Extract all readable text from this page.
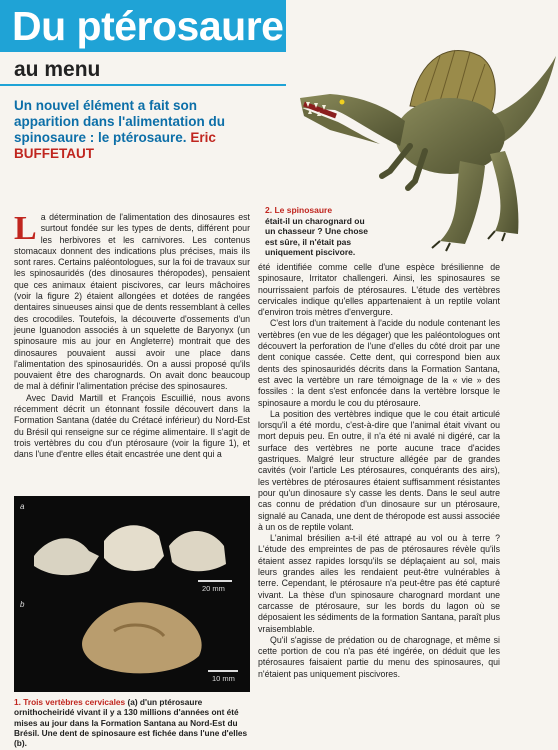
Du ptérosaure
au menu
Un nouvel élément a fait son apparition dans l'alimentation du spinosaure : le ptérosaure. Eric BUFFETAUT
2. Le spinosaure
était-il un charognard ou un chasseur ? Une chose est sûre, il n'était pas uniquement piscivore.

La détermination de l'alimentation des dinosaures est surtout fondée sur les types de dents, différent pour les herbivores et les carnivores. Les contenus stomacaux donnent des indications plus précises, mais ils sont rares. Certains paléontologues, sur la foi de travaux sur les spinosauridés (des dinosaures théropodes), pensaient que ces animaux étaient piscivores, car leurs mâchoires (voir la figure 2) étaient allongées et dotées de rangées dentaires sinueuses ainsi que de dents ressemblant à celles des crocodiles. Toutefois, la découverte d'ossements d'un jeune Iguanodon associés à un squelette de Baryonyx (un spinosaure mis au jour en Angleterre) montrait que des dinosaures pouvaient aussi avoir une place dans l'alimentation des spinosauridés. On a aussi proposé qu'ils pouvaient être des charognards. On avait donc beaucoup de mal à définir l'alimentation précise des spinosaures.

Avec David Martill et François Escuillié, nous avons récemment décrit un étonnant fossile découvert dans la Formation Santana (datée du Crétacé inférieur) du Nord-Est du Brésil qui renseigne sur ce régime alimentaire. Il s'agit de trois vertèbres du cou d'un ptérosaure (voir la figure 1), et dans l'une d'entre elles était encastrée une dent qui a

a
20 mm
b
10 mm
1. Trois vertèbres cervicales (a) d'un ptérosaure ornithocheiridé vivant il y a 130 millions d'années ont été mises au jour dans la Formation Santana au Nord-Est du Brésil. Une dent de spinosaure est fichée dans l'une d'elles (b).

été identifiée comme celle d'une espèce brésilienne de spinosaure, Irritator challengeri. Ainsi, les spinosaures se nourrissaient parfois de ptérosaures. L'étude des vertèbres cervicales indique qu'elles appartenaient à un reptile volant d'environ trois mètres d'envergure.

C'est lors d'un traitement à l'acide du nodule contenant les vertèbres (en vue de les dégager) que les paléontologues ont découvert la perforation de l'une d'elles du côté droit par une dent conique cassée. Cette dent, qui correspond bien aux dents des spinosauridés décrits dans la Formation Santana, est avec la vertèbre un rare témoignage de la « vie » des fossiles : la dent s'est enfoncée dans la vertèbre lorsque le spinosaure a mordu le cou du ptérosaure.

La position des vertèbres indique que le cou était articulé lorsqu'il a été mordu, c'est-à-dire que l'animal était vivant ou mort depuis peu. En outre, il n'a été ni avalé ni digéré, car la surface des vertèbres ne porte aucune trace d'acides gastriques. Malgré leur structure allégée par de grandes cavités (voir l'article Les ptérosaures, conquérants des airs), les vertèbres de ptérosaures étaient suffisamment résistantes pour qu'un dinosaure s'y casse les dents. Dans le seul autre cas connu de prédation d'un dinosaure sur un ptérosaure, signalé au Canada, une dent de théropode est aussi associée à un os de reptile volant.

L'animal brésilien a-t-il été attrapé au vol ou à terre ? L'étude des empreintes de pas de ptérosaures révèle qu'ils étaient assez rapides lorsqu'ils se déplaçaient au sol, mais leurs grandes ailes les rendaient peut-être vulnérables à terre. Cependant, le ptérosaure n'a peut-être pas été capturé vivant. La thèse d'un spinosaure charognard mordant une carcasse de ptérosaure, sur les bords du lagon où se déposaient les sédiments de la formation Santana, paraît plus vraisemblable.

Qu'il s'agisse de prédation ou de charognage, et même si cette portion de cou n'a pas été ingérée, on déduit que les ptérosaures faisaient partie du menu des spinosaures, qui n'étaient pas uniquement piscivores.
